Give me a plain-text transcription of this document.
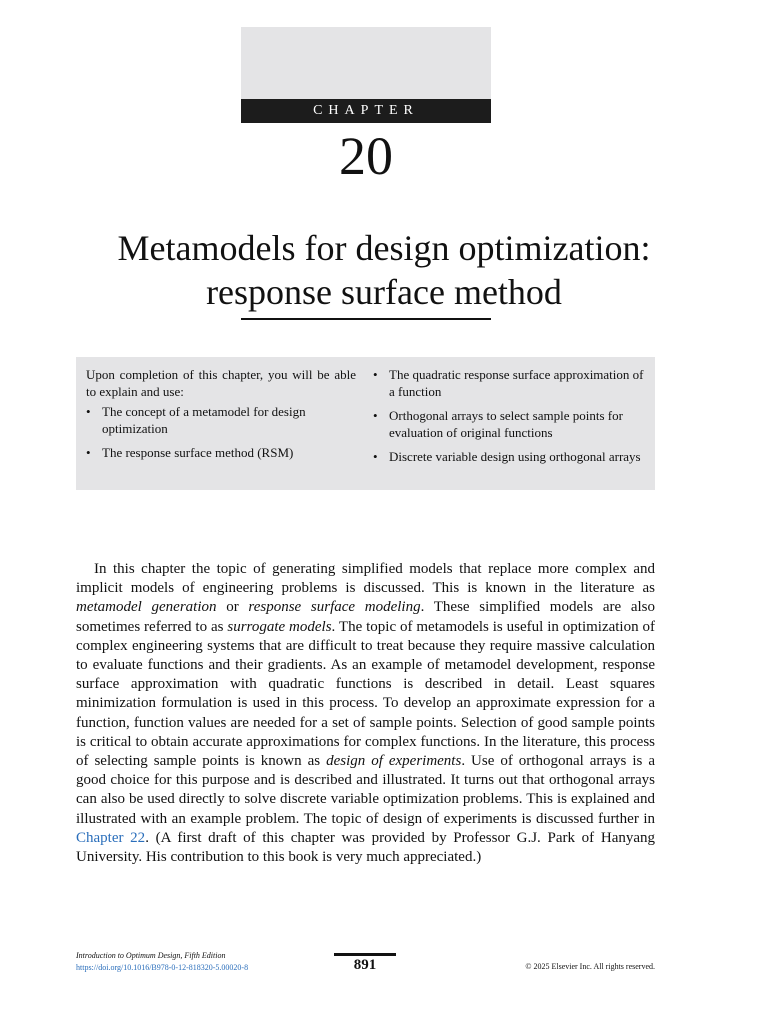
CHAPTER
20
Metamodels for design optimization:
response surface method

Upon completion of this chapter, you will be able to explain and use:

• The concept of a metamodel for design optimization
• The response surface method (RSM)
• The quadratic response surface approximation of a function
• Orthogonal arrays to select sample points for evaluation of original functions
• Discrete variable design using orthogonal arrays

In this chapter the topic of generating simplified models that replace more complex and implicit models of engineering problems is discussed. This is known in the literature as metamodel generation or response surface modeling. These simplified models are also sometimes referred to as surrogate models. The topic of metamodels is useful in optimization of complex engineering systems that are difficult to treat because they require massive calculation to evaluate functions and their gradients. As an example of metamodel development, response surface approximation with quadratic functions is described in detail. Least squares minimization formulation is used in this process. To develop an approximate expression for a function, function values are needed for a set of sample points. Selection of good sample points is critical to obtain accurate approximations for complex functions. In the literature, this process of selecting sample points is known as design of experiments. Use of orthogonal arrays is a good choice for this purpose and is described and illustrated. It turns out that orthogonal arrays can also be used directly to solve discrete variable optimization problems. This is explained and illustrated with an example problem. The topic of design of experiments is discussed further in Chapter 22. (A first draft of this chapter was provided by Professor G.J. Park of Hanyang University. His contribution to this book is very much appreciated.)

Introduction to Optimum Design, Fifth Edition
https://doi.org/10.1016/B978-0-12-818320-5.00020-8	891	© 2025 Elsevier Inc. All rights reserved.
